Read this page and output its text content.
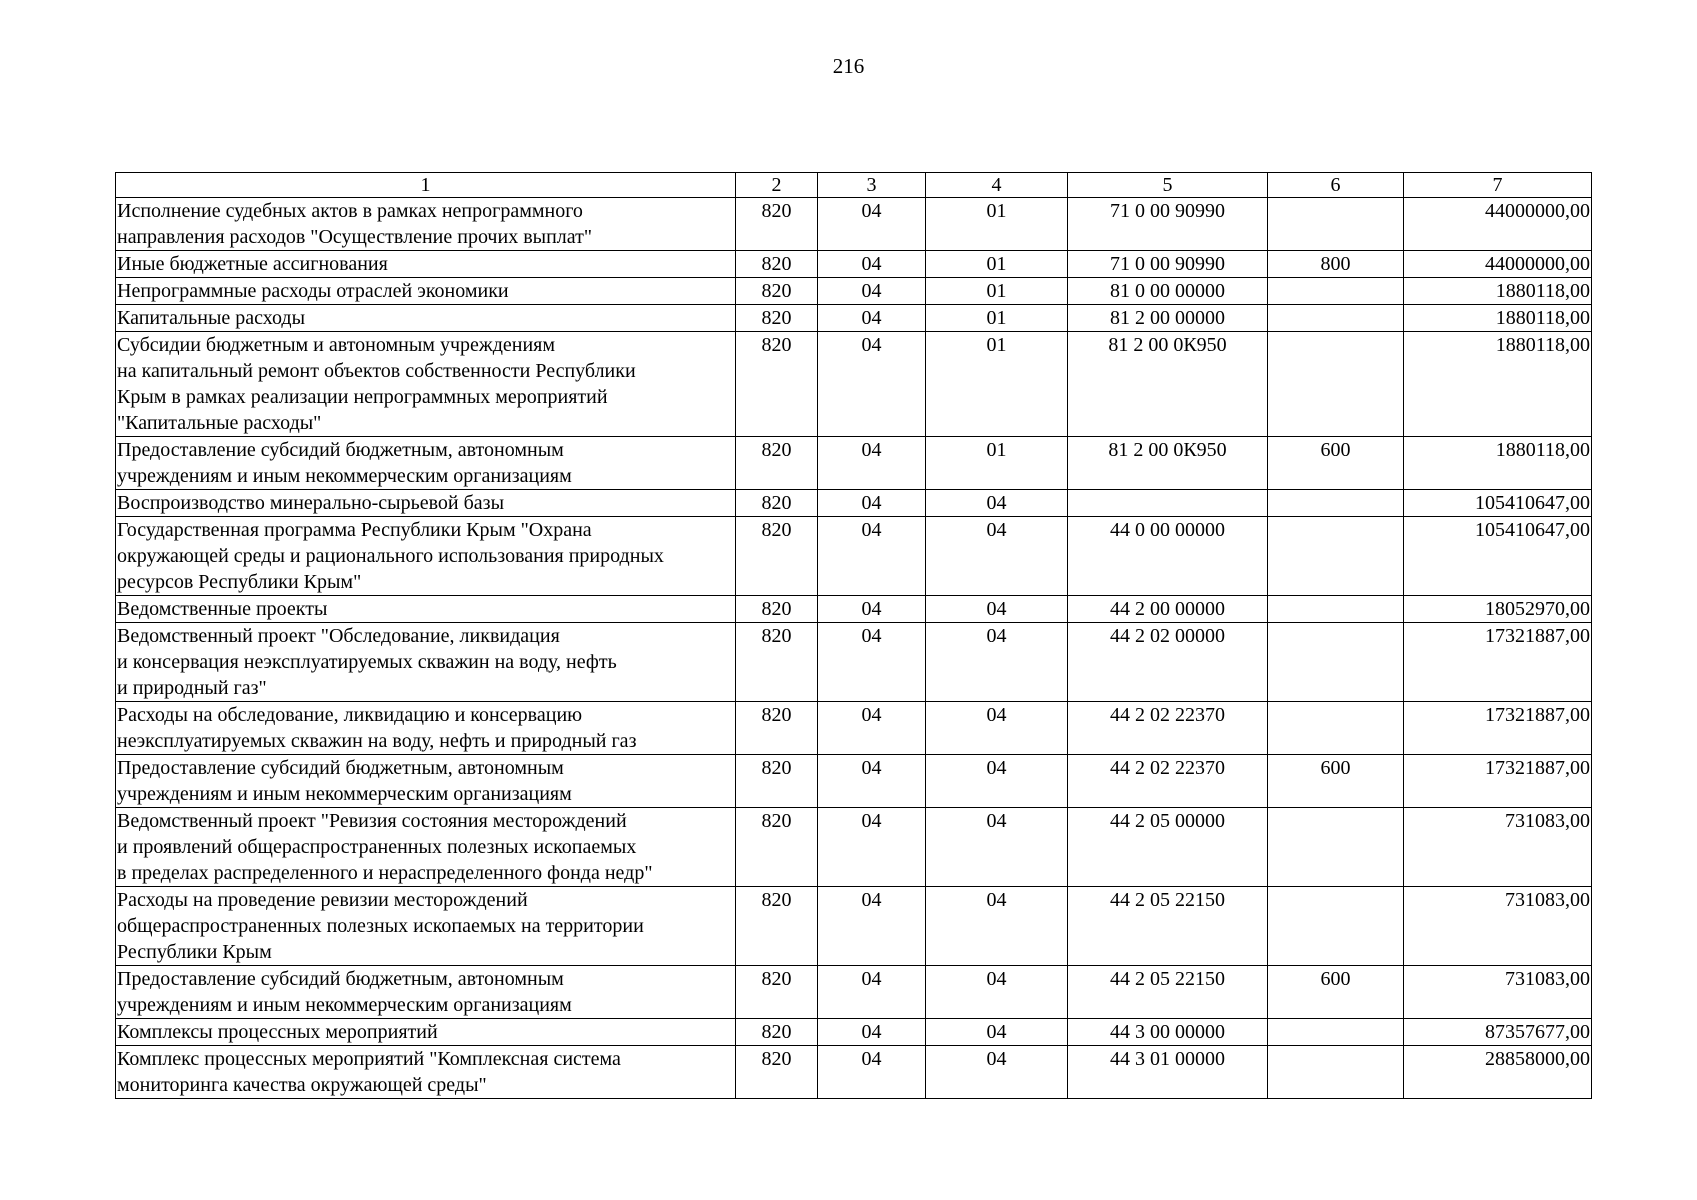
216
1	2	3	4	5	6	7
Исполнение судебных актов в рамках непрограммного
направления расходов "Осуществление прочих выплат"	820	04	01	71 0 00 90990		44000000,00
Иные бюджетные ассигнования	820	04	01	71 0 00 90990	800	44000000,00
Непрограммные расходы отраслей экономики	820	04	01	81 0 00 00000		1880118,00
Капитальные расходы	820	04	01	81 2 00 00000		1880118,00
Субсидии бюджетным и автономным учреждениям
на капитальный ремонт объектов собственности Республики
Крым в рамках реализации непрограммных мероприятий
"Капитальные расходы"	820	04	01	81 2 00 0К950		1880118,00
Предоставление субсидий бюджетным, автономным
учреждениям и иным некоммерческим организациям	820	04	01	81 2 00 0К950	600	1880118,00
Воспроизводство минерально-сырьевой базы	820	04	04			105410647,00
Государственная программа Республики Крым "Охрана
окружающей среды и рационального использования природных
ресурсов Республики Крым"	820	04	04	44 0 00 00000		105410647,00
Ведомственные проекты	820	04	04	44 2 00 00000		18052970,00
Ведомственный проект "Обследование, ликвидация
и консервация неэксплуатируемых скважин на воду, нефть
и природный газ"	820	04	04	44 2 02 00000		17321887,00
Расходы на обследование, ликвидацию и консервацию
неэксплуатируемых скважин на воду, нефть и природный газ	820	04	04	44 2 02 22370		17321887,00
Предоставление субсидий бюджетным, автономным
учреждениям и иным некоммерческим организациям	820	04	04	44 2 02 22370	600	17321887,00
Ведомственный проект "Ревизия состояния месторождений
и проявлений общераспространенных полезных ископаемых
в пределах распределенного и нераспределенного фонда недр"	820	04	04	44 2 05 00000		731083,00
Расходы на проведение ревизии месторождений
общераспространенных полезных ископаемых на территории
Республики Крым	820	04	04	44 2 05 22150		731083,00
Предоставление субсидий бюджетным, автономным
учреждениям и иным некоммерческим организациям	820	04	04	44 2 05 22150	600	731083,00
Комплексы процессных мероприятий	820	04	04	44 3 00 00000		87357677,00
Комплекс процессных мероприятий "Комплексная система
мониторинга качества окружающей среды"	820	04	04	44 3 01 00000		28858000,00
